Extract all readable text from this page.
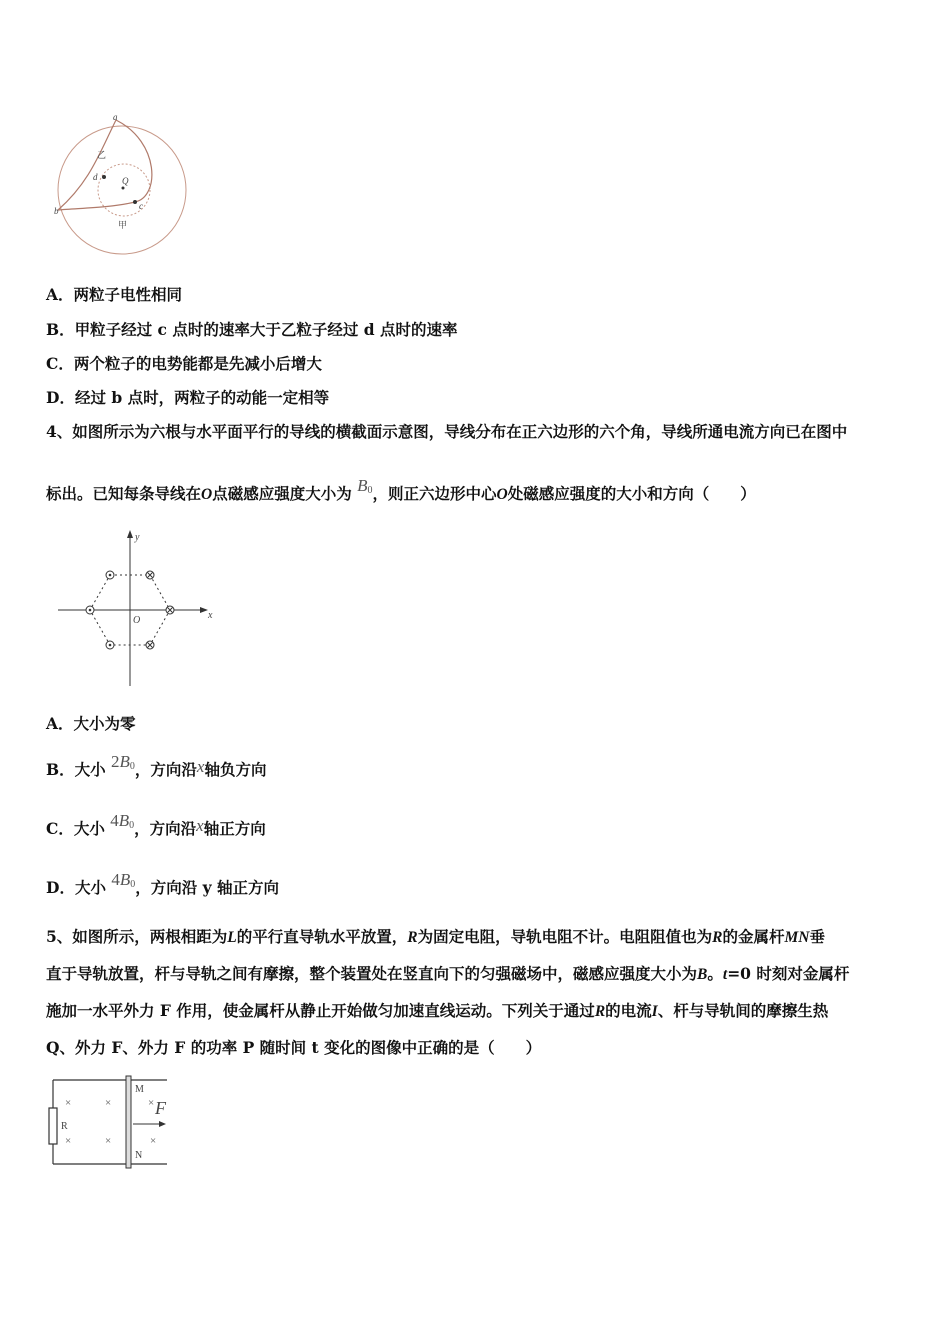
a
乙
d	Q
b	c
甲
A．两粒子电性相同
B．甲粒子经过 c 点时的速率大于乙粒子经过 d 点时的速率
C．两个粒子的电势能都是先减小后增大
D．经过 b 点时，两粒子的动能一定相等
4、如图所示为六根与水平面平行的导线的横截面示意图，导线分布在正六边形的六个角，导线所通电流方向已在图中
标出。已知每条导线在O点磁感应强度大小为 B0，则正六边形中心O处磁感应强度的大小和方向（　　）
y
x
O
A．大小为零
B．大小 2B0，方向沿x轴负方向
C．大小 4B0，方向沿x轴正方向
D．大小 4B0，方向沿 y 轴正方向
5、如图所示，两根相距为L的平行直导轨水平放置，R为固定电阻，导轨电阻不计。电阻阻值也为R的金属杆MN垂
直于导轨放置，杆与导轨之间有摩擦，整个装置处在竖直向下的匀强磁场中，磁感应强度大小为B。t=0 时刻对金属杆
施加一水平外力 F 作用，使金属杆从静止开始做匀加速直线运动。下列关于通过R的电流I、杆与导轨间的摩擦生热
Q、外力 F、外力 F 的功率 P 随时间 t 变化的图像中正确的是（　　）
R
M
N
F
×	×	×
×	×	×
